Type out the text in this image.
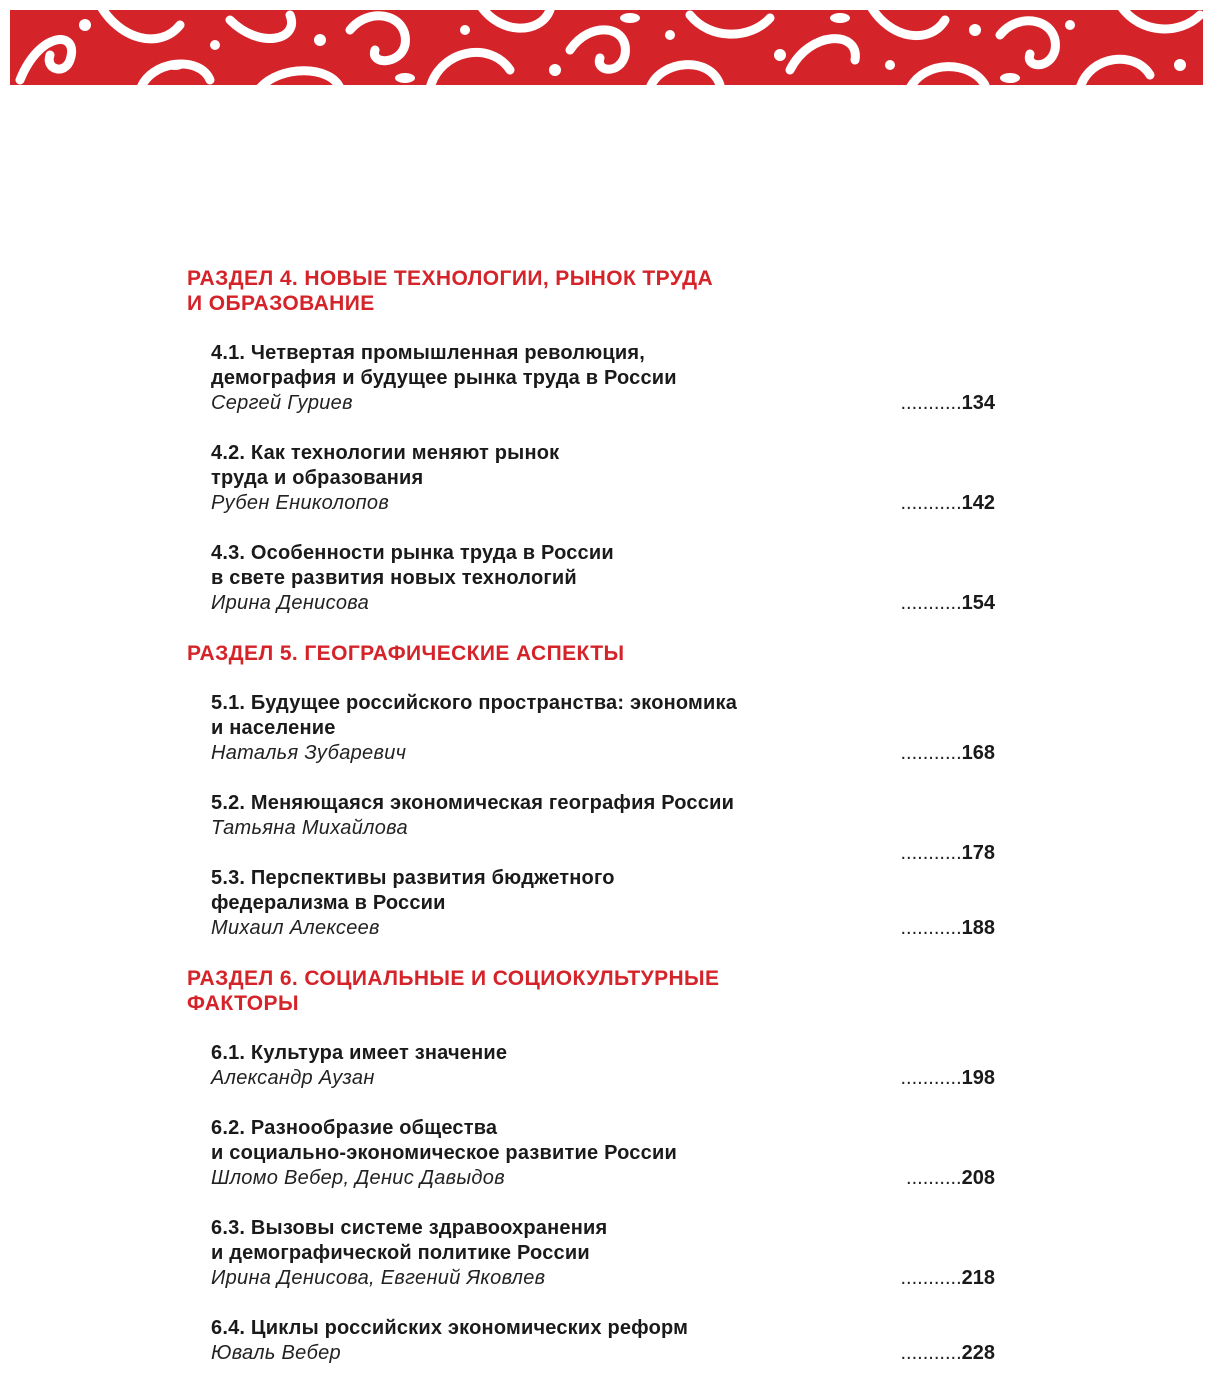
РАЗДЕЛ 4. НОВЫЕ ТЕХНОЛОГИИ, РЫНОК ТРУДА
И ОБРАЗОВАНИЕ
4.1. Четвертая промышленная революция,
демография и будущее рынка труда в России
Сергей Гуриев	...........134
4.2. Как технологии меняют рынок
труда и образования
Рубен Ениколопов	...........142
4.3. Особенности рынка труда в России
в свете развития новых технологий
Ирина Денисова	...........154
РАЗДЕЛ 5. ГЕОГРАФИЧЕСКИЕ АСПЕКТЫ
5.1. Будущее российского пространства: экономика
и население
Наталья Зубаревич	...........168
5.2. Меняющаяся экономическая география России
Татьяна Михайлова
...........178
5.3. Перспективы развития бюджетного
федерализма в России
Михаил Алексеев	...........188
РАЗДЕЛ 6. СОЦИАЛЬНЫЕ И СОЦИОКУЛЬТУРНЫЕ
ФАКТОРЫ
6.1. Культура имеет значение
Александр Аузан	...........198
6.2. Разнообразие общества
и социально-экономическое развитие России
Шломо Вебер, Денис Давыдов	..........208
6.3. Вызовы системе здравоохранения
и демографической политике России
Ирина Денисова, Евгений Яковлев	...........218
6.4. Циклы российских экономических реформ
Юваль Вебер	...........228
